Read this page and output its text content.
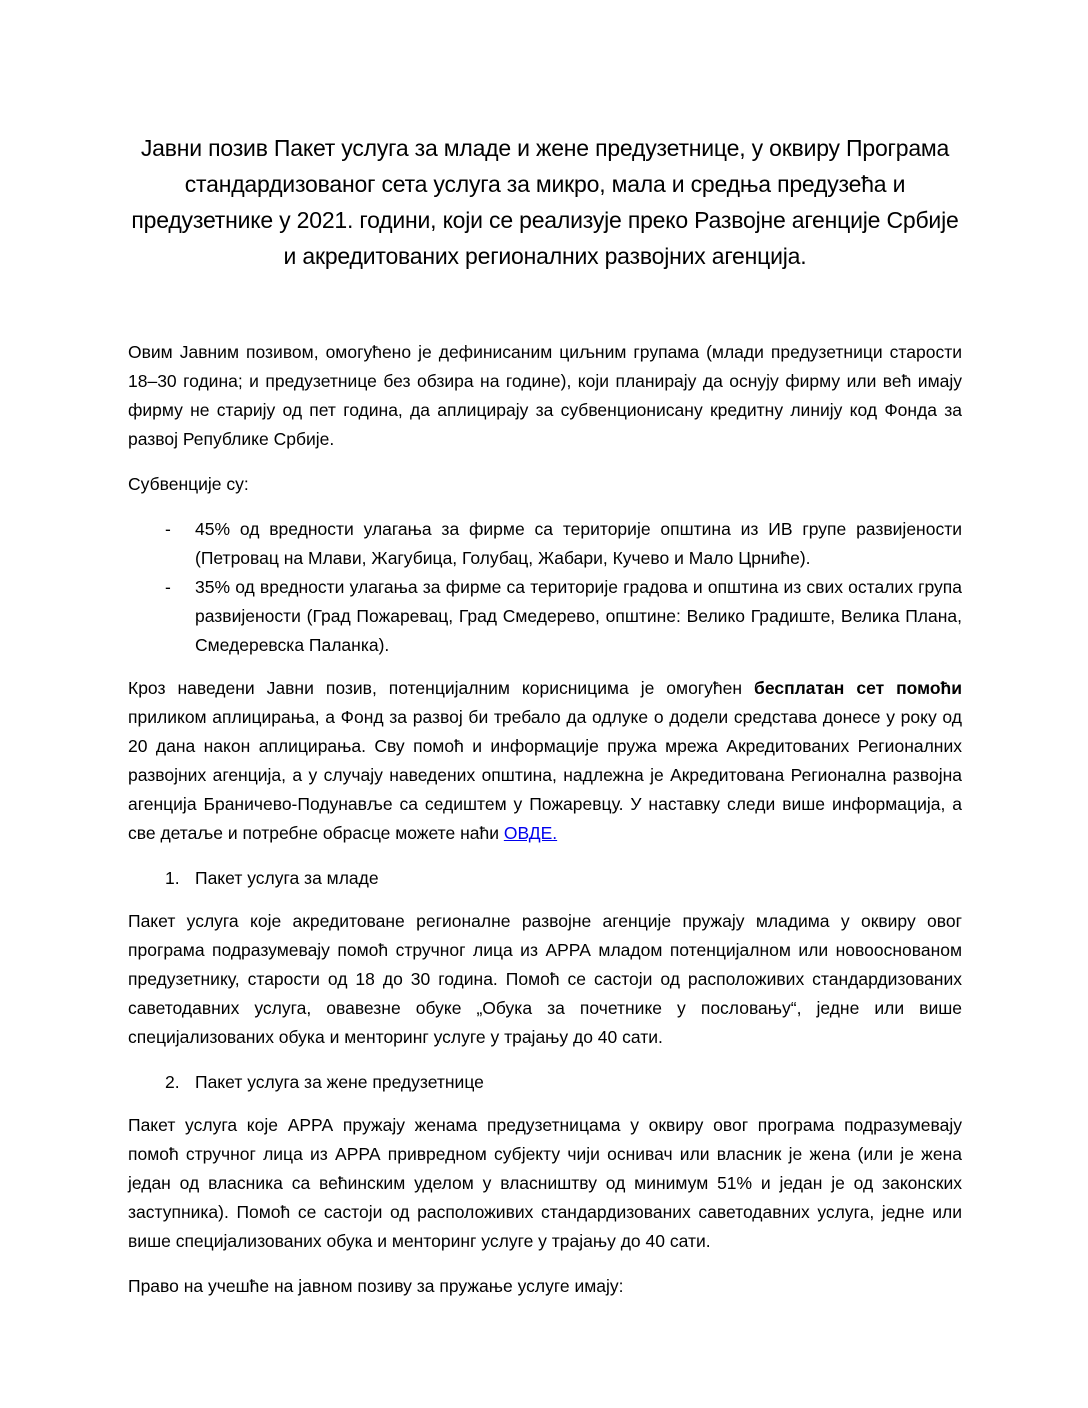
Јавни позив Пакет услуга за младе и жене предузетнице, у оквиру Програма стандардизованог сета услуга за микро, мала и средња предузећа и предузетнике у 2021. години, који се реализује преко Развојне агенције Србије и акредитованих регионалних развојних агенција.

Овим Јавним позивом, омогућено је дефинисаним циљним групама (млади предузетници старости 18–30 година; и предузетнице без обзира на године), који планирају да оснују фирму или већ имају фирму не старију од пет година, да аплицирају за субвенционисану кредитну линију код Фонда за развој Републике Србије.

Субвенције су:

-	45% од вредности улагања за фирме са територије општина из ИВ групе развијености (Петровац на Млави, Жагубица, Голубац, Жабари, Кучево и Мало Црниће).
-	35% од вредности улагања за фирме са територије градова и општина из свих осталих група развијености (Град Пожаревац, Град Смедерево, општине: Велико Градиште, Велика Плана, Смедеревска Паланка).

Кроз наведени Јавни позив, потенцијалним корисницима је омогућен бесплатан сет помоћи приликом аплицирања, а Фонд за развој би требало да одлуке о додели средстава донесе у року од 20 дана након аплицирања. Сву помоћ и информације пружа мрежа Акредитованих Регионалних развојних агенција, а у случају наведених општина, надлежна је Акредитована Регионална развојна агенција Браничево-Подунавље са седиштем у Пожаревцу. У наставку следи више информација, а све детаље и потребне обрасце можете наћи ОВДЕ.

1. Пакет услуга за младе

Пакет услуга које акредитоване регионалне развојне агенције пружају младима у оквиру овог програма подразумевају помоћ стручног лица из АРРА младом потенцијалном или новооснованом предузетнику, старости од 18 до 30 година. Помоћ се састоји од расположивих стандардизованих саветодавних услуга, овавезне обуке „Обука за почетнике у пословању“, једне или више специјализованих обука и менторинг услуге у трајању до 40 сати.

2. Пакет услуга за жене предузетнице

Пакет услуга које АРРА пружају женама предузетницама у оквиру овог програма подразумевају помоћ стручног лица из АРРА привредном субјекту чији оснивач или власник је жена (или је жена један од власника са већинским уделом у власништву од минимум 51% и један је од законских заступника). Помоћ се састоји од расположивих стандардизованих саветодавних услуга, једне или више специјализованих обука и менторинг услуге у трајању до 40 сати.

Право на учешће на јавном позиву за пружање услуге имају:
